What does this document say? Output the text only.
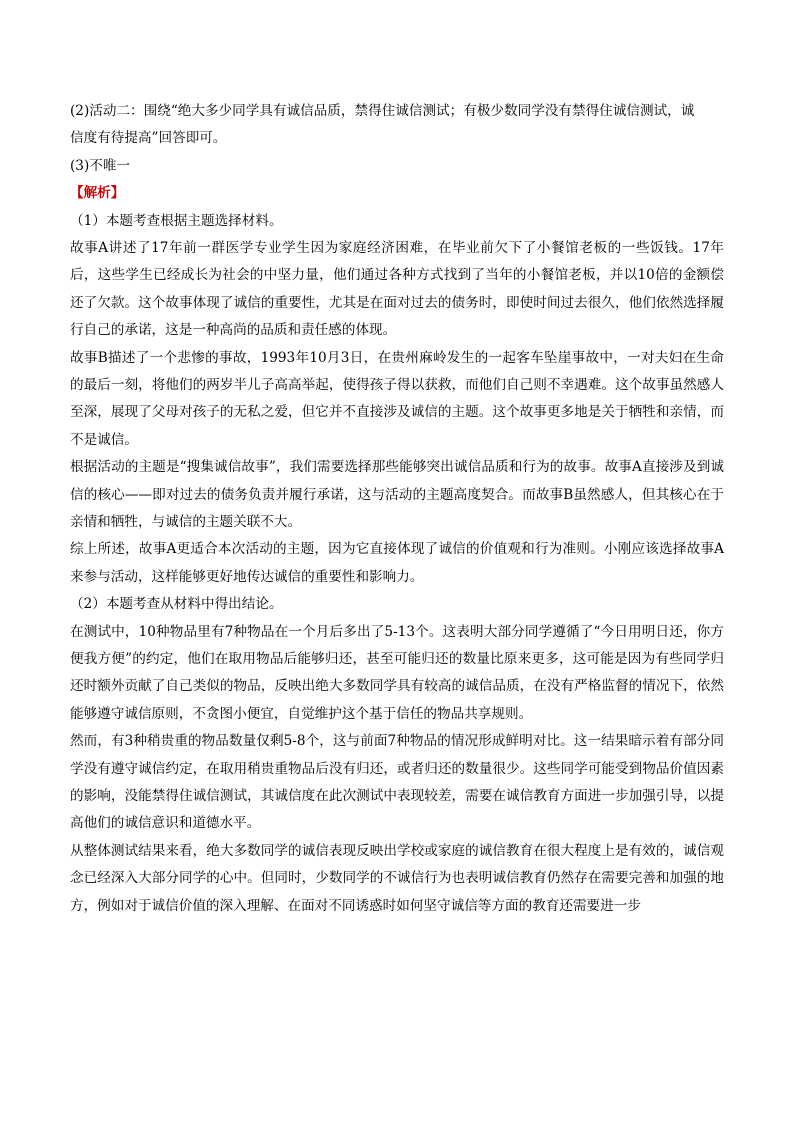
(2)活动二：围绕“绝大多少同学具有诚信品质，禁得住诚信测试；有极少数同学没有禁得住诚信测试，诚
信度有待提高”回答即可。
(3)不唯一
【解析】
（1）本题考查根据主题选择材料。
故事A讲述了17年前一群医学专业学生因为家庭经济困难，在毕业前欠下了小餐馆老板的一些饭钱。17年后，这些学生已经成长为社会的中坚力量，他们通过各种方式找到了当年的小餐馆老板，并以10倍的金额偿还了欠款。这个故事体现了诚信的重要性，尤其是在面对过去的债务时，即使时间过去很久，他们依然选择履行自己的承诺，这是一种高尚的品质和责任感的体现。
故事B描述了一个悲惨的事故，1993年10月3日，在贵州麻岭发生的一起客车坠崖事故中，一对夫妇在生命的最后一刻，将他们的两岁半儿子高高举起，使得孩子得以获救，而他们自己则不幸遇难。这个故事虽然感人至深，展现了父母对孩子的无私之爱，但它并不直接涉及诚信的主题。这个故事更多地是关于牺牲和亲情，而不是诚信。
根据活动的主题是“搜集诚信故事”，我们需要选择那些能够突出诚信品质和行为的故事。故事A直接涉及到诚信的核心——即对过去的债务负责并履行承诺，这与活动的主题高度契合。而故事B虽然感人，但其核心在于亲情和牺牲，与诚信的主题关联不大。
综上所述，故事A更适合本次活动的主题，因为它直接体现了诚信的价值观和行为准则。小刚应该选择故事A来参与活动，这样能够更好地传达诚信的重要性和影响力。
（2）本题考查从材料中得出结论。
在测试中，10种物品里有7种物品在一个月后多出了5-13个。这表明大部分同学遵循了“今日用明日还，你方便我方便”的约定，他们在取用物品后能够归还，甚至可能归还的数量比原来更多，这可能是因为有些同学归还时额外贡献了自己类似的物品，反映出绝大多数同学具有较高的诚信品质，在没有严格监督的情况下，依然能够遵守诚信原则，不贪图小便宜，自觉维护这个基于信任的物品共享规则。
然而，有3种稍贵重的物品数量仅剩5-8个，这与前面7种物品的情况形成鲜明对比。这一结果暗示着有部分同学没有遵守诚信约定，在取用稍贵重物品后没有归还，或者归还的数量很少。这些同学可能受到物品价值因素的影响，没能禁得住诚信测试，其诚信度在此次测试中表现较差，需要在诚信教育方面进一步加强引导，以提高他们的诚信意识和道德水平。
从整体测试结果来看，绝大多数同学的诚信表现反映出学校或家庭的诚信教育在很大程度上是有效的，诚信观念已经深入大部分同学的心中。但同时，少数同学的不诚信行为也表明诚信教育仍然存在需要完善和加强的地方，例如对于诚信价值的深入理解、在面对不同诱惑时如何坚守诚信等方面的教育还需要进一步
